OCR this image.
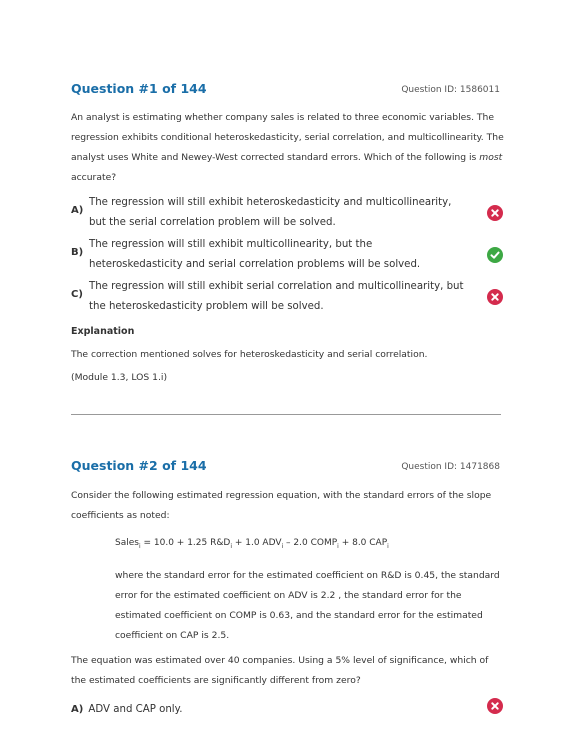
Question #1 of 144	Question ID: 1586011
An analyst is estimating whether company sales is related to three economic variables. The regression exhibits conditional heteroskedasticity, serial correlation, and multicollinearity. The analyst uses White and Newey-West corrected standard errors. Which of the following is most accurate?
A)
The regression will still exhibit heteroskedasticity and multicollinearity, but the serial correlation problem will be solved.
B)
The regression will still exhibit multicollinearity, but the heteroskedasticity and serial correlation problems will be solved.
C)
The regression will still exhibit serial correlation and multicollinearity, but the heteroskedasticity problem will be solved.
Explanation
The correction mentioned solves for heteroskedasticity and serial correlation.
(Module 1.3, LOS 1.i)
Question #2 of 144	Question ID: 1471868
Consider the following estimated regression equation, with the standard errors of the slope coefficients as noted:
Sales$_i$ = 10.0 + 1.25 $R\&D_i + 1.0$ $ADV_i - 2.0$ $COMP_i + 8.0$ $CAP_i$
where the standard error for the estimated coefficient on R&D is 0.45, the standard error for the estimated coefficient on ADV is 2.2 , the standard error for the estimated coefficient on COMP is 0.63, and the standard error for the estimated coefficient on CAP is 2.5.
The equation was estimated over 40 companies. Using a 5% level of significance, which of the estimated coefficients are significantly different from zero?
A) ADV and CAP only.
